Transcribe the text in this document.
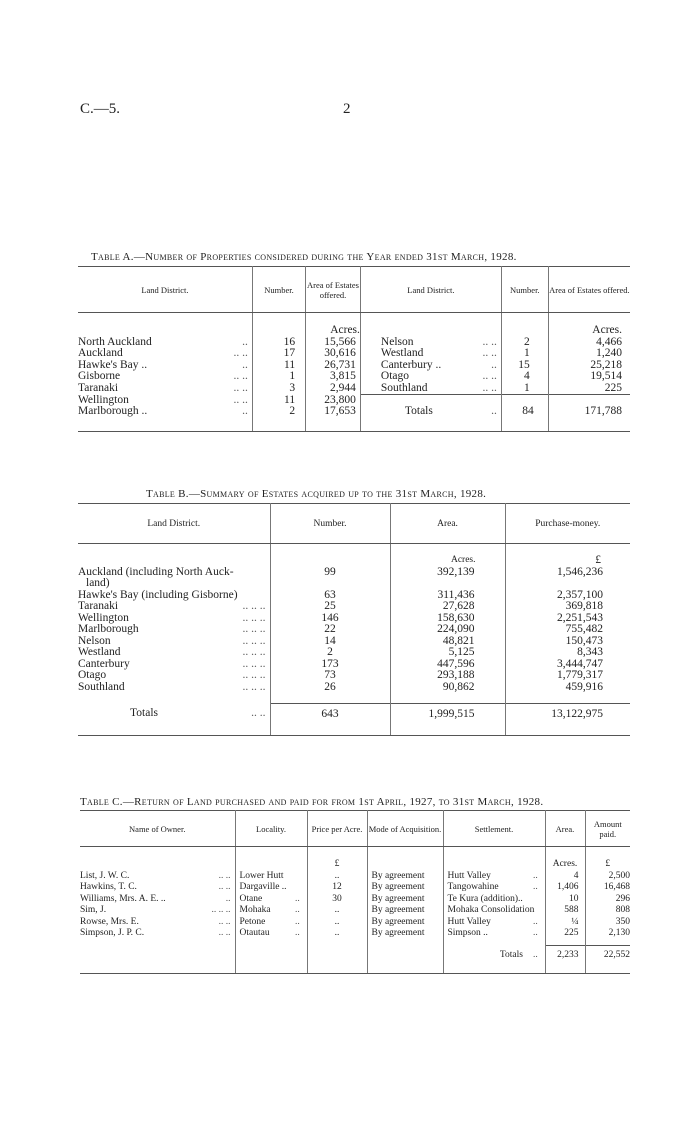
C.—5.	2
Table A.—Number of Properties considered during the Year ended 31st March, 1928.
Land District.		Number.	Area of Estates offered.	Land District.		Number.	Area of Estates offered.
			Acres.				Acres.
North Auckland	..	16	15,566	Nelson	.. ..	2	4,466
Auckland	.. ..	17	30,616	Westland	.. ..	1	1,240
Hawke's Bay ..	..	11	26,731	Canterbury ..	..	15	25,218
Gisborne	.. ..	1	3,815	Otago	.. ..	4	19,514
Taranaki	.. ..	3	2,944	Southland	.. ..	1	225
Wellington	.. ..	11	23,800				
Marlborough ..	..	2	17,653	Totals	..	84	171,788

Table B.—Summary of Estates acquired up to the 31st March, 1928.
Land District.		Number.	Area.	Purchase-money.
			Acres.	£
Auckland (including North Auck-		99	392,139	1,546,236
land)				
Hawke's Bay (including Gisborne)		63	311,436	2,357,100
Taranaki	.. .. ..	25	27,628	369,818
Wellington	.. .. ..	146	158,630	2,251,543
Marlborough	.. .. ..	22	224,090	755,482
Nelson	.. .. ..	14	48,821	150,473
Westland	.. .. ..	2	5,125	8,343
Canterbury	.. .. ..	173	447,596	3,444,747
Otago	.. .. ..	73	293,188	1,779,317
Southland	.. .. ..	26	90,862	459,916

Totals	.. ..	643	1,999,515	13,122,975

Table C.—Return of Land purchased and paid for from 1st April, 1927, to 31st March, 1928.
Name of Owner.		Locality.		Price per Acre.	Mode of Acquisition.	Settlement.		Area.	Amount paid.
				£				Acres.	£
List, J. W. C.	.. ..	Lower Hutt		..	By agreement	Hutt Valley	..	4	2,500
Hawkins, T. C.	.. ..	Dargaville ..		12	By agreement	Tangowahine	..	1,406	16,468
Williams, Mrs. A. E. ..	..	Otane	..	30	By agreement	Te Kura (addition)..		10	296
Sim, J.	.. .. ..	Mohaka	..	..	By agreement	Mohaka Consolidation		588	808
Rowse, Mrs. E.	.. ..	Petone	..	..	By agreement	Hutt Valley	..	¼	350
Simpson, J. P. C.	.. ..	Otautau	..	..	By agreement	Simpson ..	..	225	2,130

						Totals	..	2,233	22,552
